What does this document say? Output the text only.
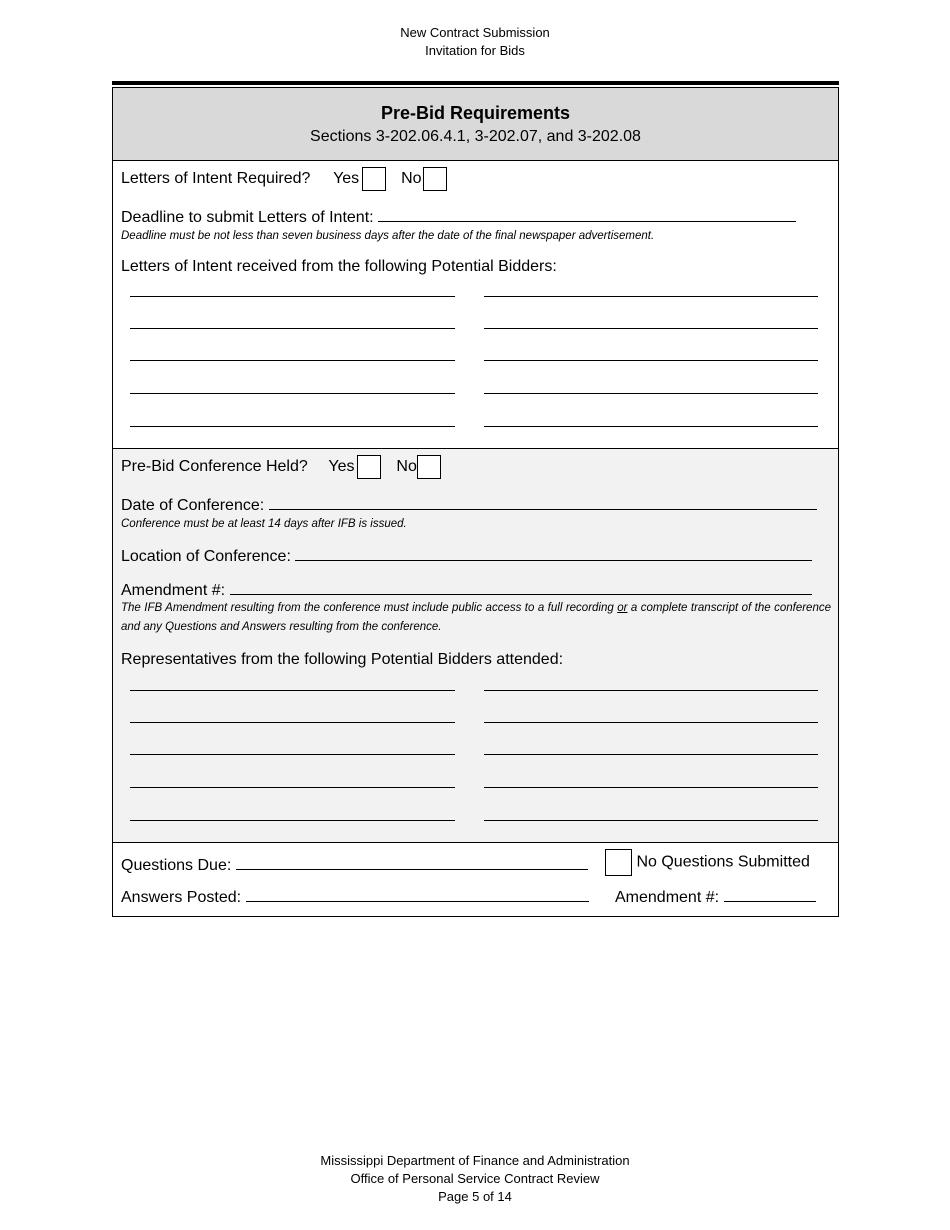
New Contract Submission
Invitation for Bids
Pre-Bid Requirements
Sections 3-202.06.4.1, 3-202.07, and 3-202.08
Letters of Intent Required? Yes	No
Deadline to submit Letters of Intent:
Deadline must be not less than seven business days after the date of the final newspaper advertisement.
Letters of Intent received from the following Potential Bidders:
Pre-Bid Conference Held? Yes	No
Date of Conference:
Conference must be at least 14 days after IFB is issued.
Location of Conference:
Amendment #:
The IFB Amendment resulting from the conference must include public access to a full recording or a complete transcript of the conference and any Questions and Answers resulting from the conference.
Representatives from the following Potential Bidders attended:
Questions Due:	No Questions Submitted
Answers Posted:	Amendment #:
Mississippi Department of Finance and Administration
Office of Personal Service Contract Review
Page 5 of 14
